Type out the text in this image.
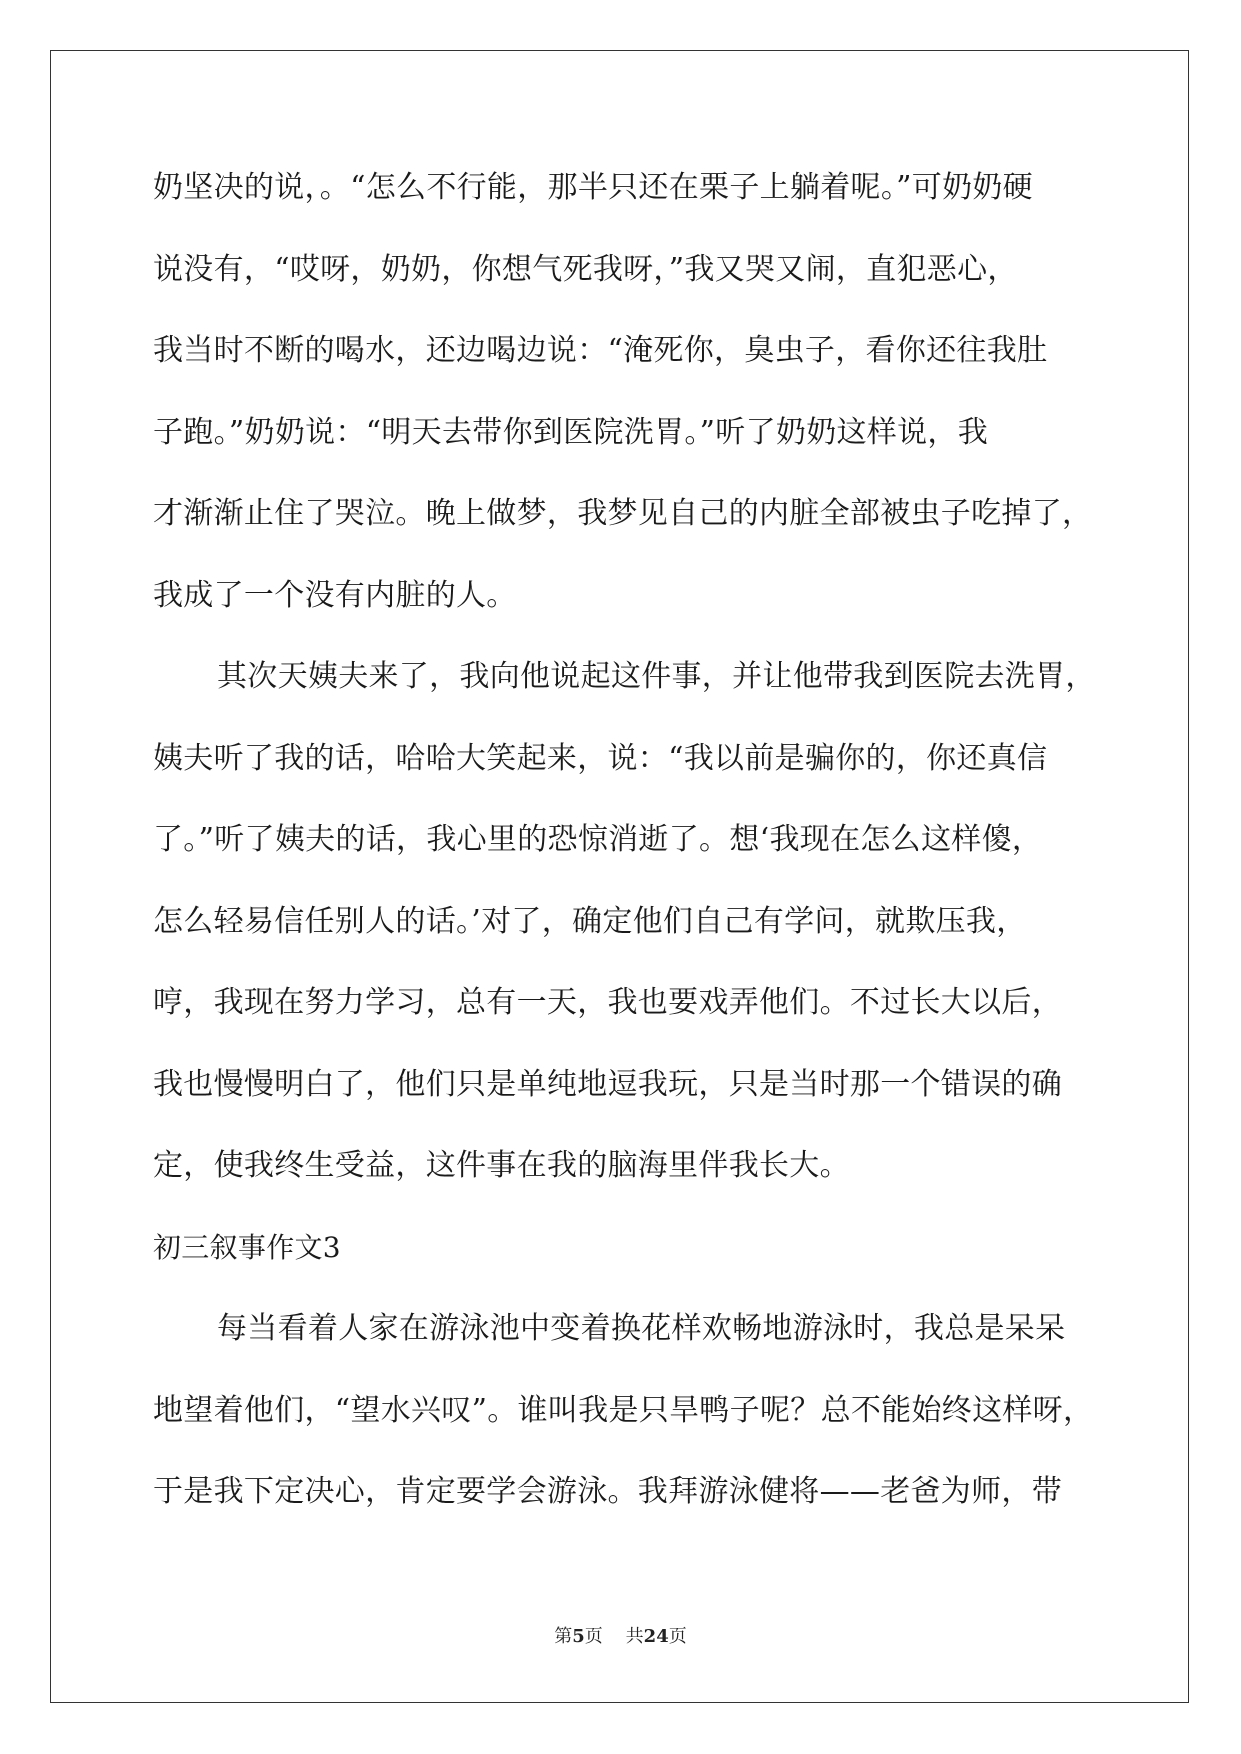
奶坚决的说，。“怎么不行能，那半只还在栗子上躺着呢。”可奶奶硬
说没有，“哎呀，奶奶，你想气死我呀，”我又哭又闹，直犯恶心，
我当时不断的喝水，还边喝边说：“淹死你，臭虫子，看你还往我肚
子跑。”奶奶说：“明天去带你到医院洗胃。”听了奶奶这样说，我
才渐渐止住了哭泣。晚上做梦，我梦见自己的内脏全部被虫子吃掉了，
我成了一个没有内脏的人。
其次天姨夫来了，我向他说起这件事，并让他带我到医院去洗胃，
姨夫听了我的话，哈哈大笑起来，说：“我以前是骗你的，你还真信
了。”听了姨夫的话，我心里的恐惊消逝了。想‘我现在怎么这样傻，
怎么轻易信任别人的话。’对了，确定他们自己有学问，就欺压我，
哼，我现在努力学习，总有一天，我也要戏弄他们。不过长大以后，
我也慢慢明白了，他们只是单纯地逗我玩，只是当时那一个错误的确
定，使我终生受益，这件事在我的脑海里伴我长大。
初三叙事作文3
每当看着人家在游泳池中变着换花样欢畅地游泳时，我总是呆呆
地望着他们，“望水兴叹”。谁叫我是只旱鸭子呢？总不能始终这样呀，
于是我下定决心，肯定要学会游泳。我拜游泳健将——老爸为师，带
第5页 共24页
